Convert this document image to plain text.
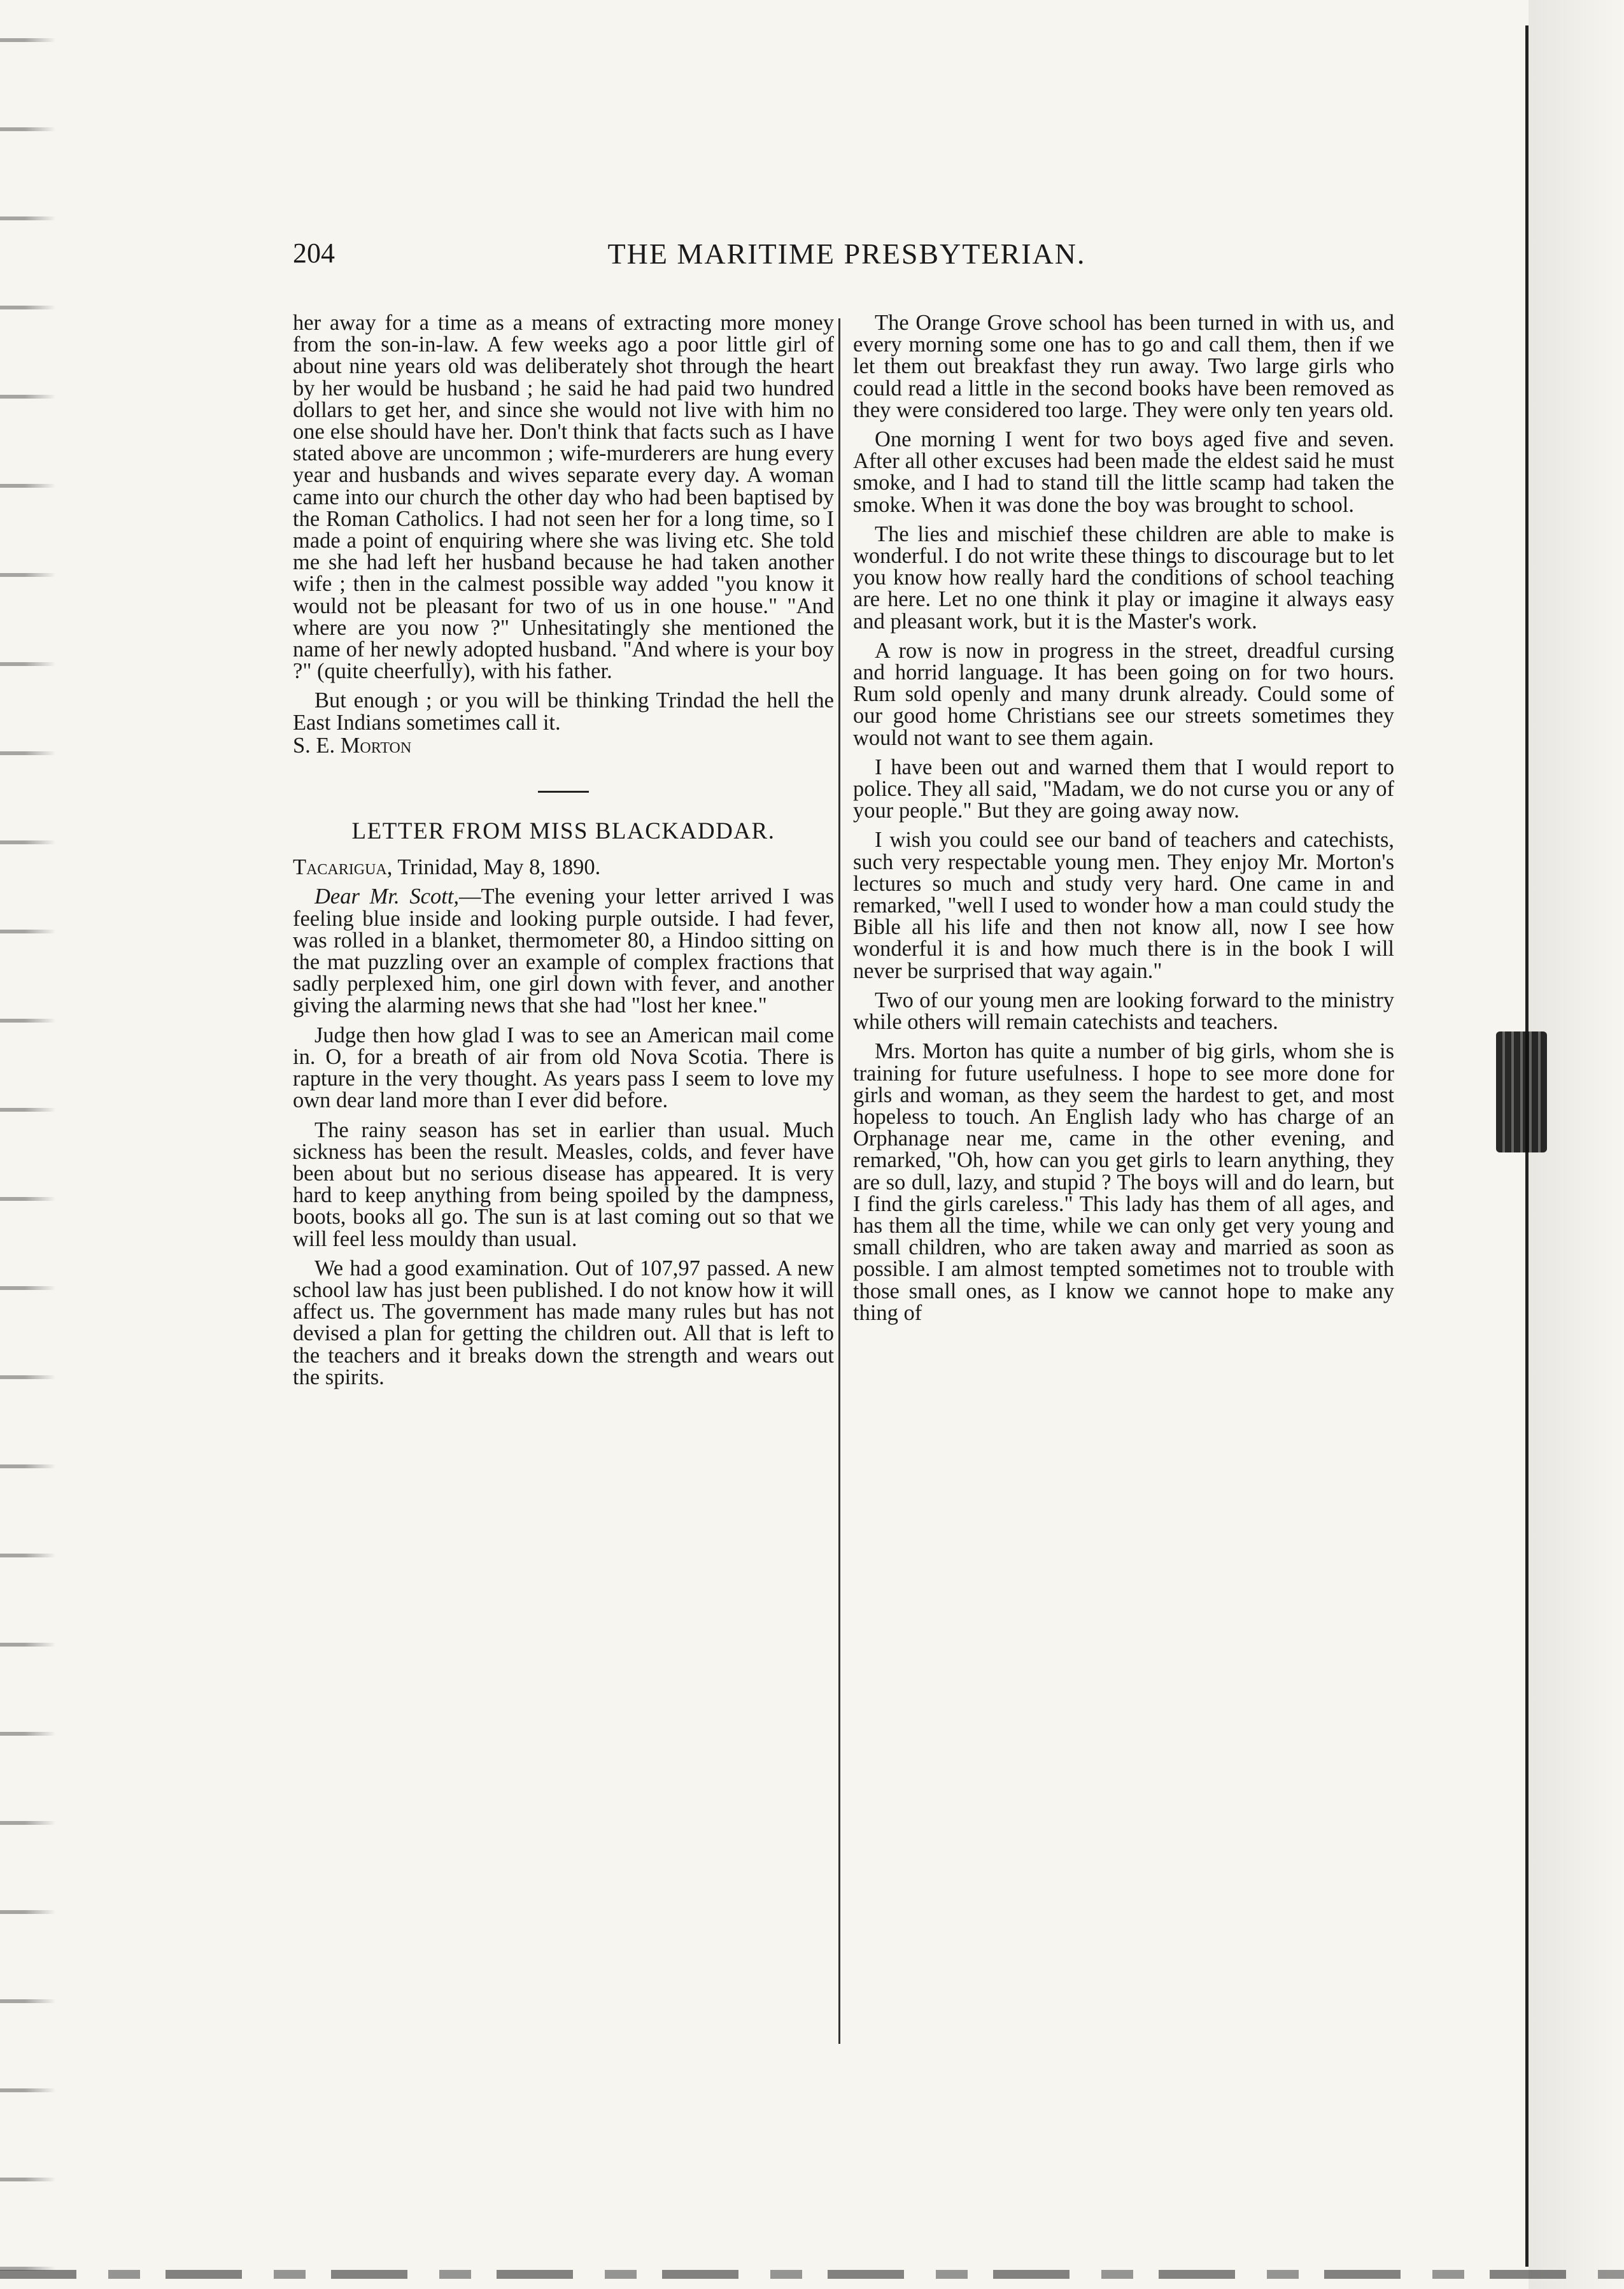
204	THE MARITIME PRESBYTERIAN.

her away for a time as a means of extracting more money from the son-in-law. A few weeks ago a poor little girl of about nine years old was deliberately shot through the heart by her would be husband ; he said he had paid two hundred dollars to get her, and since she would not live with him no one else should have her. Don't think that facts such as I have stated above are uncommon ; wife-murderers are hung every year and husbands and wives separate every day. A woman came into our church the other day who had been baptised by the Roman Catholics. I had not seen her for a long time, so I made a point of enquiring where she was living etc. She told me she had left her husband because he had taken another wife ; then in the calmest possible way added "you know it would not be pleasant for two of us in one house." "And where are you now ?" Unhesitatingly she mentioned the name of her newly adopted husband. "And where is your boy ?" (quite cheerfully), with his father.

But enough ; or you will be thinking Trindad the hell the East Indians sometimes call it.

S. E. Morton

LETTER FROM MISS BLACKADDAR.

Tacarigua, Trinidad, May 8, 1890.

Dear Mr. Scott,—The evening your letter arrived I was feeling blue inside and looking purple outside. I had fever, was rolled in a blanket, thermometer 80, a Hindoo sitting on the mat puzzling over an example of complex fractions that sadly perplexed him, one girl down with fever, and another giving the alarming news that she had "lost her knee."

Judge then how glad I was to see an American mail come in. O, for a breath of air from old Nova Scotia. There is rapture in the very thought. As years pass I seem to love my own dear land more than I ever did before.

The rainy season has set in earlier than usual. Much sickness has been the result. Measles, colds, and fever have been about but no serious disease has appeared. It is very hard to keep anything from being spoiled by the dampness, boots, books all go. The sun is at last coming out so that we will feel less mouldy than usual.

We had a good examination. Out of 107,97 passed. A new school law has just been published. I do not know how it will affect us. The government has made many rules but has not devised a plan for getting the children out. All that is left to the teachers and it breaks down the strength and wears out the spirits.

The Orange Grove school has been turned in with us, and every morning some one has to go and call them, then if we let them out breakfast they run away. Two large girls who could read a little in the second books have been removed as they were considered too large. They were only ten years old.

One morning I went for two boys aged five and seven. After all other excuses had been made the eldest said he must smoke, and I had to stand till the little scamp had taken the smoke. When it was done the boy was brought to school.

The lies and mischief these children are able to make is wonderful. I do not write these things to discourage but to let you know how really hard the conditions of school teaching are here. Let no one think it play or imagine it always easy and pleasant work, but it is the Master's work.

A row is now in progress in the street, dreadful cursing and horrid language. It has been going on for two hours. Rum sold openly and many drunk already. Could some of our good home Christians see our streets sometimes they would not want to see them again.

I have been out and warned them that I would report to police. They all said, "Madam, we do not curse you or any of your people." But they are going away now.

I wish you could see our band of teachers and catechists, such very respectable young men. They enjoy Mr. Morton's lectures so much and study very hard. One came in and remarked, "well I used to wonder how a man could study the Bible all his life and then not know all, now I see how wonderful it is and how much there is in the book I will never be surprised that way again."

Two of our young men are looking forward to the ministry while others will remain catechists and teachers.

Mrs. Morton has quite a number of big girls, whom she is training for future usefulness. I hope to see more done for girls and woman, as they seem the hardest to get, and most hopeless to touch. An English lady who has charge of an Orphanage near me, came in the other evening, and remarked, "Oh, how can you get girls to learn anything, they are so dull, lazy, and stupid ? The boys will and do learn, but I find the girls careless." This lady has them of all ages, and has them all the time, while we can only get very young and small children, who are taken away and married as soon as possible. I am almost tempted sometimes not to trouble with those small ones, as I know we cannot hope to make any thing of
